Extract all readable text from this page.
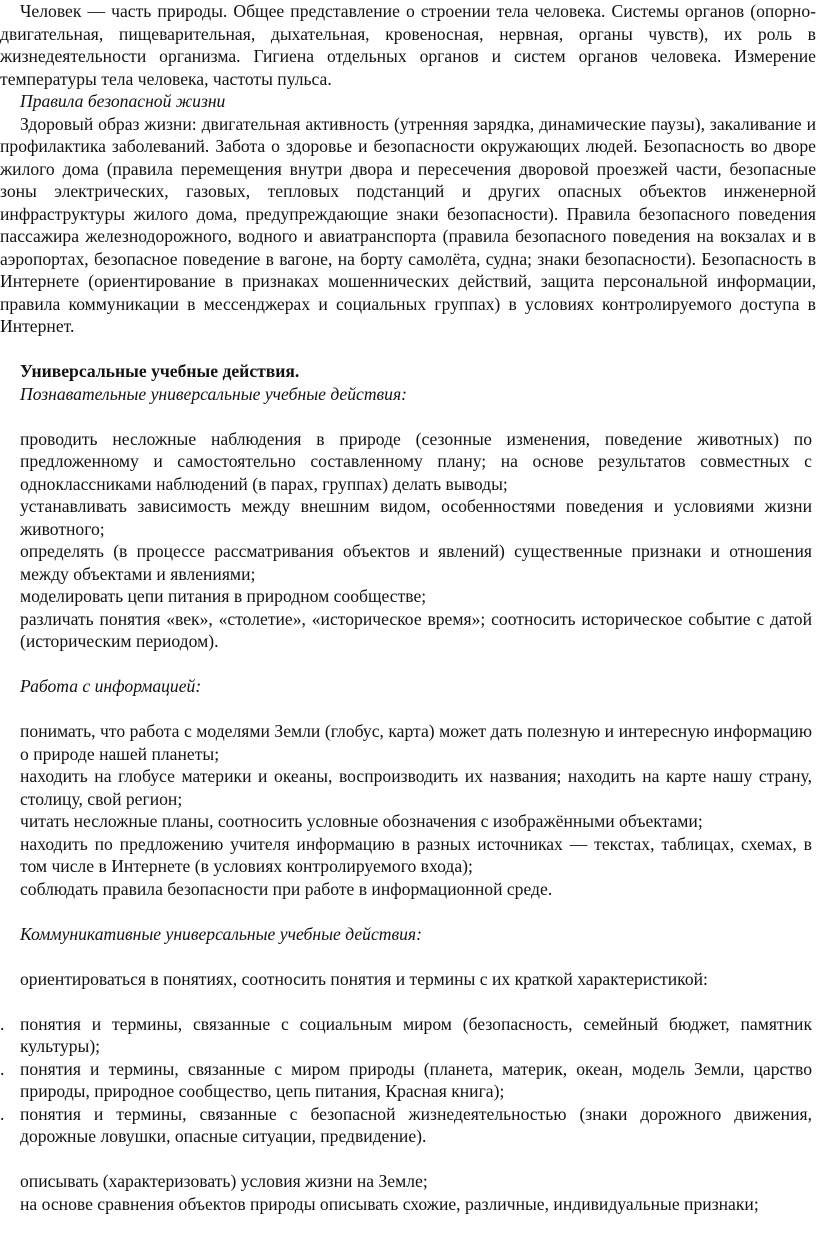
Человек — часть природы. Общее представление о строении тела человека. Системы органов (опорно-двигательная, пищеварительная, дыхательная, кровеносная, нервная, органы чувств), их роль в жизнедеятельности организма. Гигиена отдельных органов и систем органов человека. Измерение температуры тела человека, частоты пульса.

Правила безопасной жизни

Здоровый образ жизни: двигательная активность (утренняя зарядка, динамические паузы), закаливание и профилактика заболеваний. Забота о здоровье и безопасности окружающих людей. Безопасность во дворе жилого дома (правила перемещения внутри двора и пересечения дворовой проезжей части, безопасные зоны электрических, газовых, тепловых подстанций и других опасных объектов инженерной инфраструктуры жилого дома, предупреждающие знаки безопасности). Правила безопасного поведения пассажира железнодорожного, водного и авиатранспорта (правила безопасного поведения на вокзалах и в аэропортах, безопасное поведение в вагоне, на борту самолёта, судна; знаки безопасности). Безопасность в Интернете (ориентирование в признаках мошеннических действий, защита персональной информации, правила коммуникации в мессенджерах и социальных группах) в условиях контролируемого доступа в Интернет.

Универсальные учебные действия.

Познавательные универсальные учебные действия:

проводить несложные наблюдения в природе (сезонные изменения, поведение животных) по предложенному и самостоятельно составленному плану; на основе результатов совместных с одноклассниками наблюдений (в парах, группах) делать выводы;

устанавливать зависимость между внешним видом, особенностями поведения и условиями жизни животного;

определять (в процессе рассматривания объектов и явлений) существенные признаки и отношения между объектами и явлениями;

моделировать цепи питания в природном сообществе;

различать понятия «век», «столетие», «историческое время»; соотносить историческое событие с датой (историческим периодом).

Работа с информацией:

понимать, что работа с моделями Земли (глобус, карта) может дать полезную и интересную информацию о природе нашей планеты;

находить на глобусе материки и океаны, воспроизводить их названия; находить на карте нашу страну, столицу, свой регион;

читать несложные планы, соотносить условные обозначения с изображёнными объектами;

находить по предложению учителя информацию в разных источниках — текстах, таблицах, схемах, в том числе в Интернете (в условиях контролируемого входа);

соблюдать правила безопасности при работе в информационной среде.

Коммуникативные универсальные учебные действия:

ориентироваться в понятиях, соотносить понятия и термины с их краткой характеристикой:

. понятия и термины, связанные с социальным миром (безопасность, семейный бюджет, памятник культуры);

. понятия и термины, связанные с миром природы (планета, материк, океан, модель Земли, царство природы, природное сообщество, цепь питания, Красная книга);

. понятия и термины, связанные с безопасной жизнедеятельностью (знаки дорожного движения, дорожные ловушки, опасные ситуации, предвидение).

описывать (характеризовать) условия жизни на Земле;

на основе сравнения объектов природы описывать схожие, различные, индивидуальные признаки;
